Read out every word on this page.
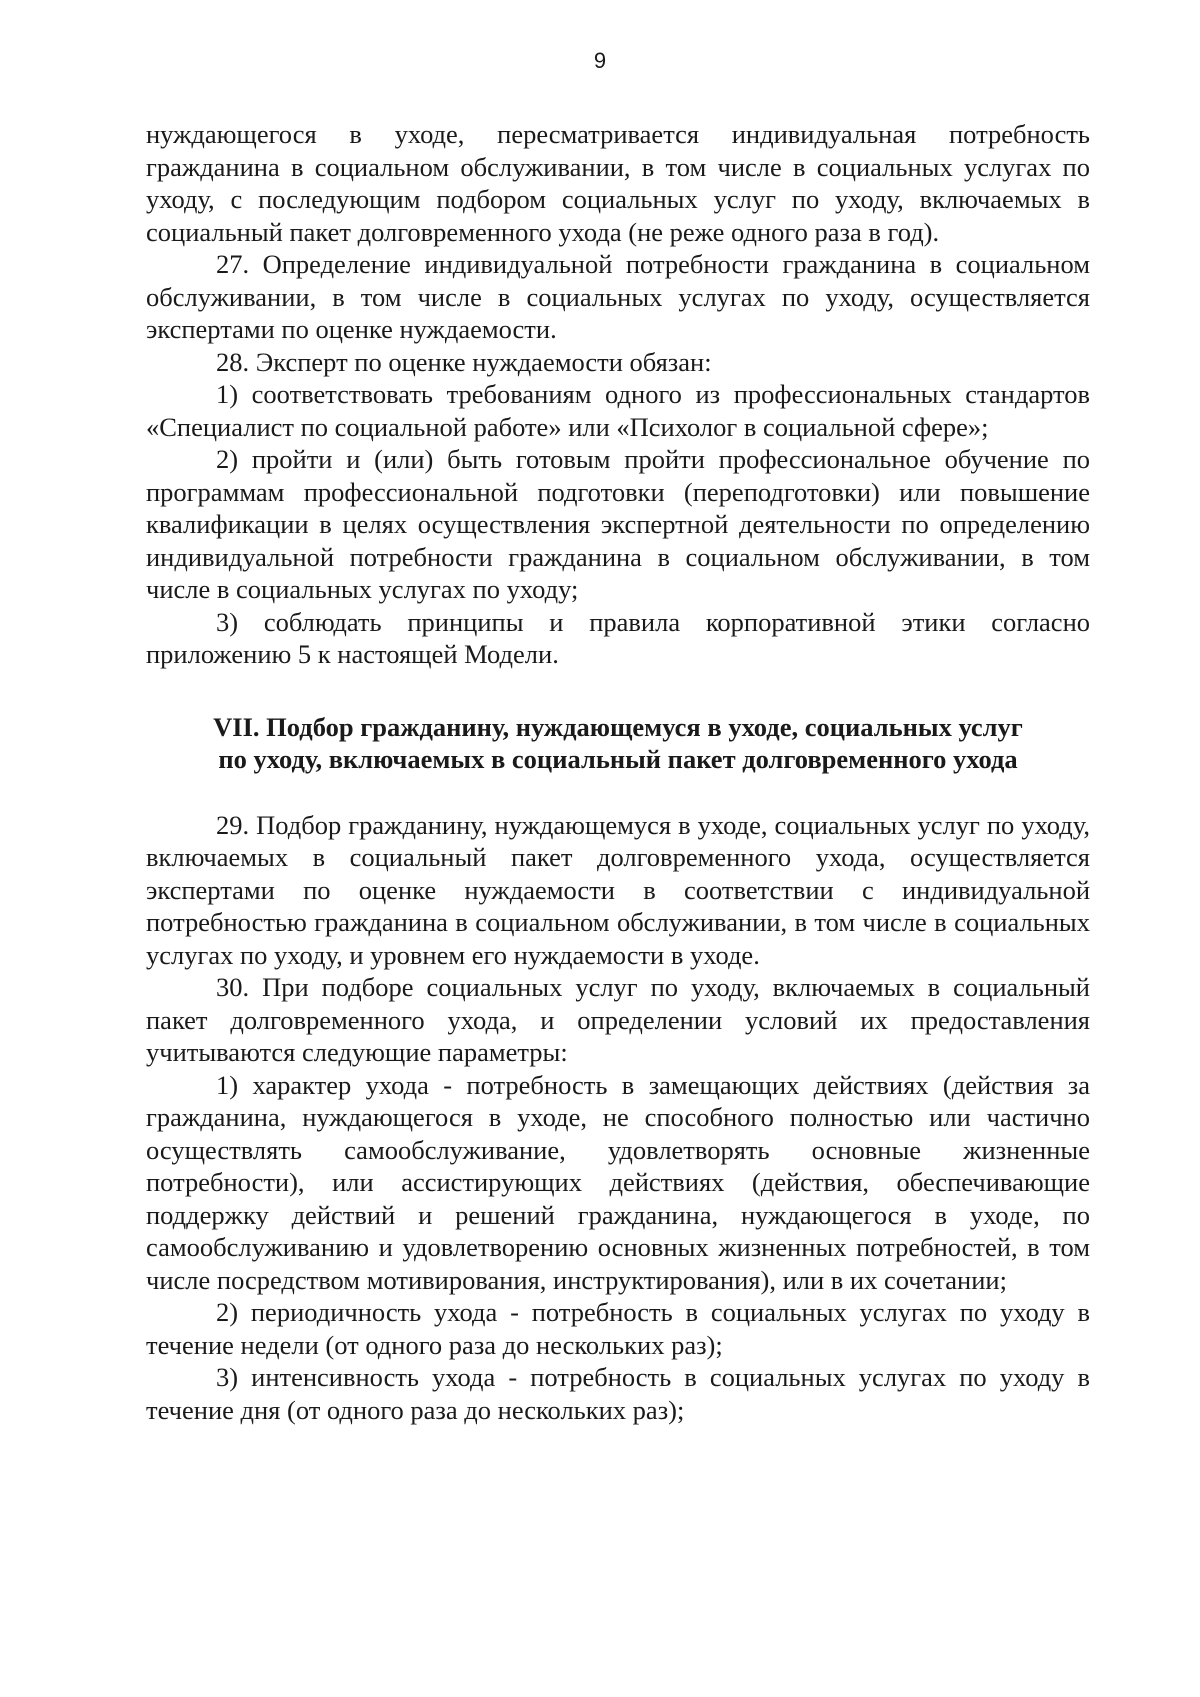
9

нуждающегося в уходе, пересматривается индивидуальная потребность гражданина в социальном обслуживании, в том числе в социальных услугах по уходу, с последующим подбором социальных услуг по уходу, включаемых в социальный пакет долговременного ухода (не реже одного раза в год).

27. Определение индивидуальной потребности гражданина в социальном обслуживании, в том числе в социальных услугах по уходу, осуществляется экспертами по оценке нуждаемости.

28. Эксперт по оценке нуждаемости обязан:

1) соответствовать требованиям одного из профессиональных стандартов «Специалист по социальной работе» или «Психолог в социальной сфере»;

2) пройти и (или) быть готовым пройти профессиональное обучение по программам профессиональной подготовки (переподготовки) или повышение квалификации в целях осуществления экспертной деятельности по определению индивидуальной потребности гражданина в социальном обслуживании, в том числе в социальных услугах по уходу;

3) соблюдать принципы и правила корпоративной этики согласно приложению 5 к настоящей Модели.

VII. Подбор гражданину, нуждающемуся в уходе, социальных услуг
по уходу, включаемых в социальный пакет долговременного ухода

29. Подбор гражданину, нуждающемуся в уходе, социальных услуг по уходу, включаемых в социальный пакет долговременного ухода, осуществляется экспертами по оценке нуждаемости в соответствии с индивидуальной потребностью гражданина в социальном обслуживании, в том числе в социальных услугах по уходу, и уровнем его нуждаемости в уходе.

30. При подборе социальных услуг по уходу, включаемых в социальный пакет долговременного ухода, и определении условий их предоставления учитываются следующие параметры:

1) характер ухода - потребность в замещающих действиях (действия за гражданина, нуждающегося в уходе, не способного полностью или частично осуществлять самообслуживание, удовлетворять основные жизненные потребности), или ассистирующих действиях (действия, обеспечивающие поддержку действий и решений гражданина, нуждающегося в уходе, по самообслуживанию и удовлетворению основных жизненных потребностей, в том числе посредством мотивирования, инструктирования), или в их сочетании;

2) периодичность ухода - потребность в социальных услугах по уходу в течение недели (от одного раза до нескольких раз);

3) интенсивность ухода - потребность в социальных услугах по уходу в течение дня (от одного раза до нескольких раз);
